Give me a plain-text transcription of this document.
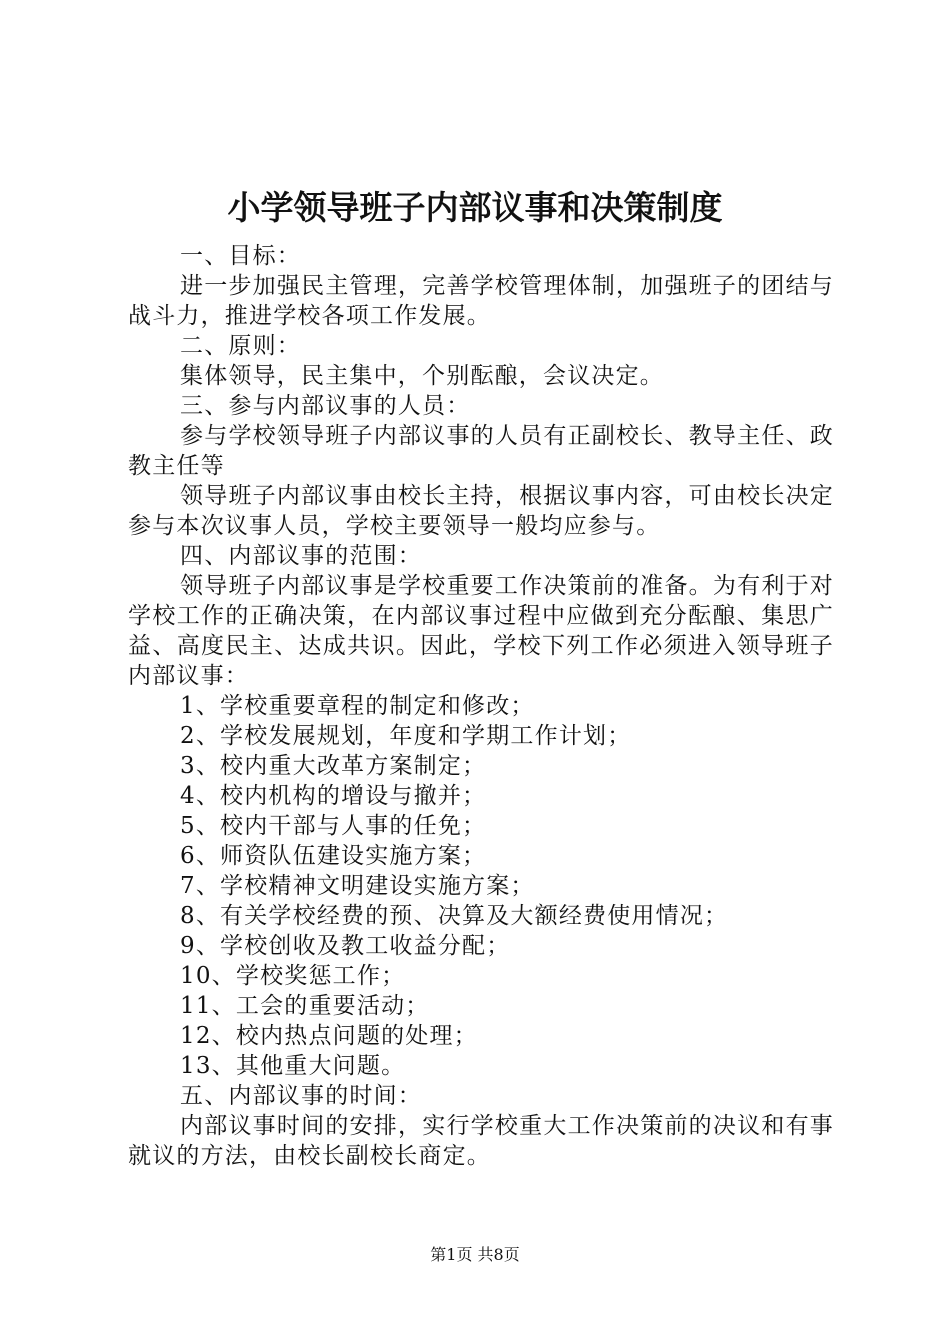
小学领导班子内部议事和决策制度

一、目标：

进一步加强民主管理，完善学校管理体制，加强班子的团结与战斗力，推进学校各项工作发展。

二、原则：

集体领导，民主集中，个别酝酿，会议决定。

三、参与内部议事的人员：

参与学校领导班子内部议事的人员有正副校长、教导主任、政教主任等

领导班子内部议事由校长主持，根据议事内容，可由校长决定参与本次议事人员，学校主要领导一般均应参与。

四、内部议事的范围：

领导班子内部议事是学校重要工作决策前的准备。为有利于对学校工作的正确决策，在内部议事过程中应做到充分酝酿、集思广益、高度民主、达成共识。因此，学校下列工作必须进入领导班子内部议事：

1、学校重要章程的制定和修改；

2、学校发展规划，年度和学期工作计划；

3、校内重大改革方案制定；

4、校内机构的增设与撤并；

5、校内干部与人事的任免；

6、师资队伍建设实施方案；

7、学校精神文明建设实施方案；

8、有关学校经费的预、决算及大额经费使用情况；

9、学校创收及教工收益分配；

10、学校奖惩工作；

11、工会的重要活动；

12、校内热点问题的处理；

13、其他重大问题。

五、内部议事的时间：

内部议事时间的安排，实行学校重大工作决策前的决议和有事就议的方法，由校长副校长商定。

第1页 共8页
